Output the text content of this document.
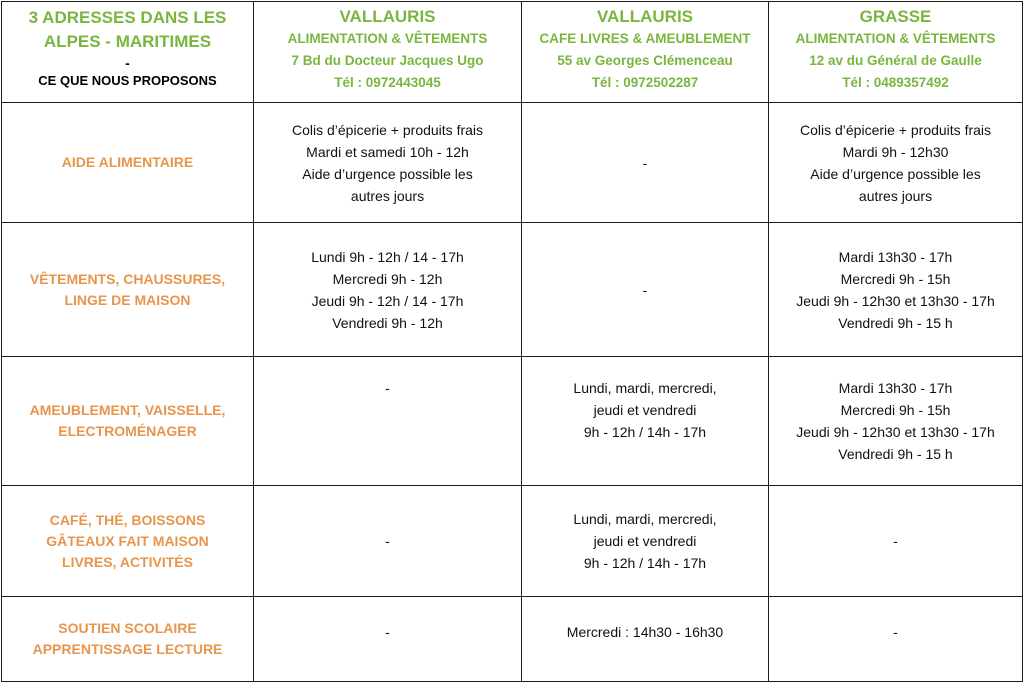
3 ADRESSES DANS LES
ALPES - MARITIMES
-
CE QUE NOUS PROPOSONS	VALLAURIS
ALIMENTATION & VÊTEMENTS
7 Bd du Docteur Jacques Ugo
Tél : 0972443045	VALLAURIS
CAFE LIVRES & AMEUBLEMENT
55 av Georges Clémenceau
Tél : 0972502287	GRASSE
ALIMENTATION & VÊTEMENTS
12 av du Général de Gaulle
Tél : 0489357492

AIDE ALIMENTAIRE	Colis d’épicerie + produits frais
Mardi et samedi 10h - 12h
Aide d’urgence possible les
autres jours	-	Colis d’épicerie + produits frais
Mardi 9h - 12h30
Aide d’urgence possible les
autres jours

VÊTEMENTS, CHAUSSURES,
LINGE DE MAISON	Lundi 9h - 12h / 14 - 17h
Mercredi 9h - 12h
Jeudi 9h - 12h / 14 - 17h
Vendredi 9h - 12h	-	Mardi 13h30 - 17h
Mercredi 9h - 15h
Jeudi 9h - 12h30 et 13h30 - 17h
Vendredi 9h - 15 h

AMEUBLEMENT, VAISSELLE,
ELECTROMÉNAGER	-	Lundi, mardi, mercredi,
jeudi et vendredi
9h - 12h / 14h - 17h	Mardi 13h30 - 17h
Mercredi 9h - 15h
Jeudi 9h - 12h30 et 13h30 - 17h
Vendredi 9h - 15 h

CAFÉ, THÉ, BOISSONS
GÂTEAUX FAIT MAISON
LIVRES, ACTIVITÉS	-	Lundi, mardi, mercredi,
jeudi et vendredi
9h - 12h / 14h - 17h	-

SOUTIEN SCOLAIRE
APPRENTISSAGE LECTURE	-	Mercredi : 14h30 - 16h30	-
